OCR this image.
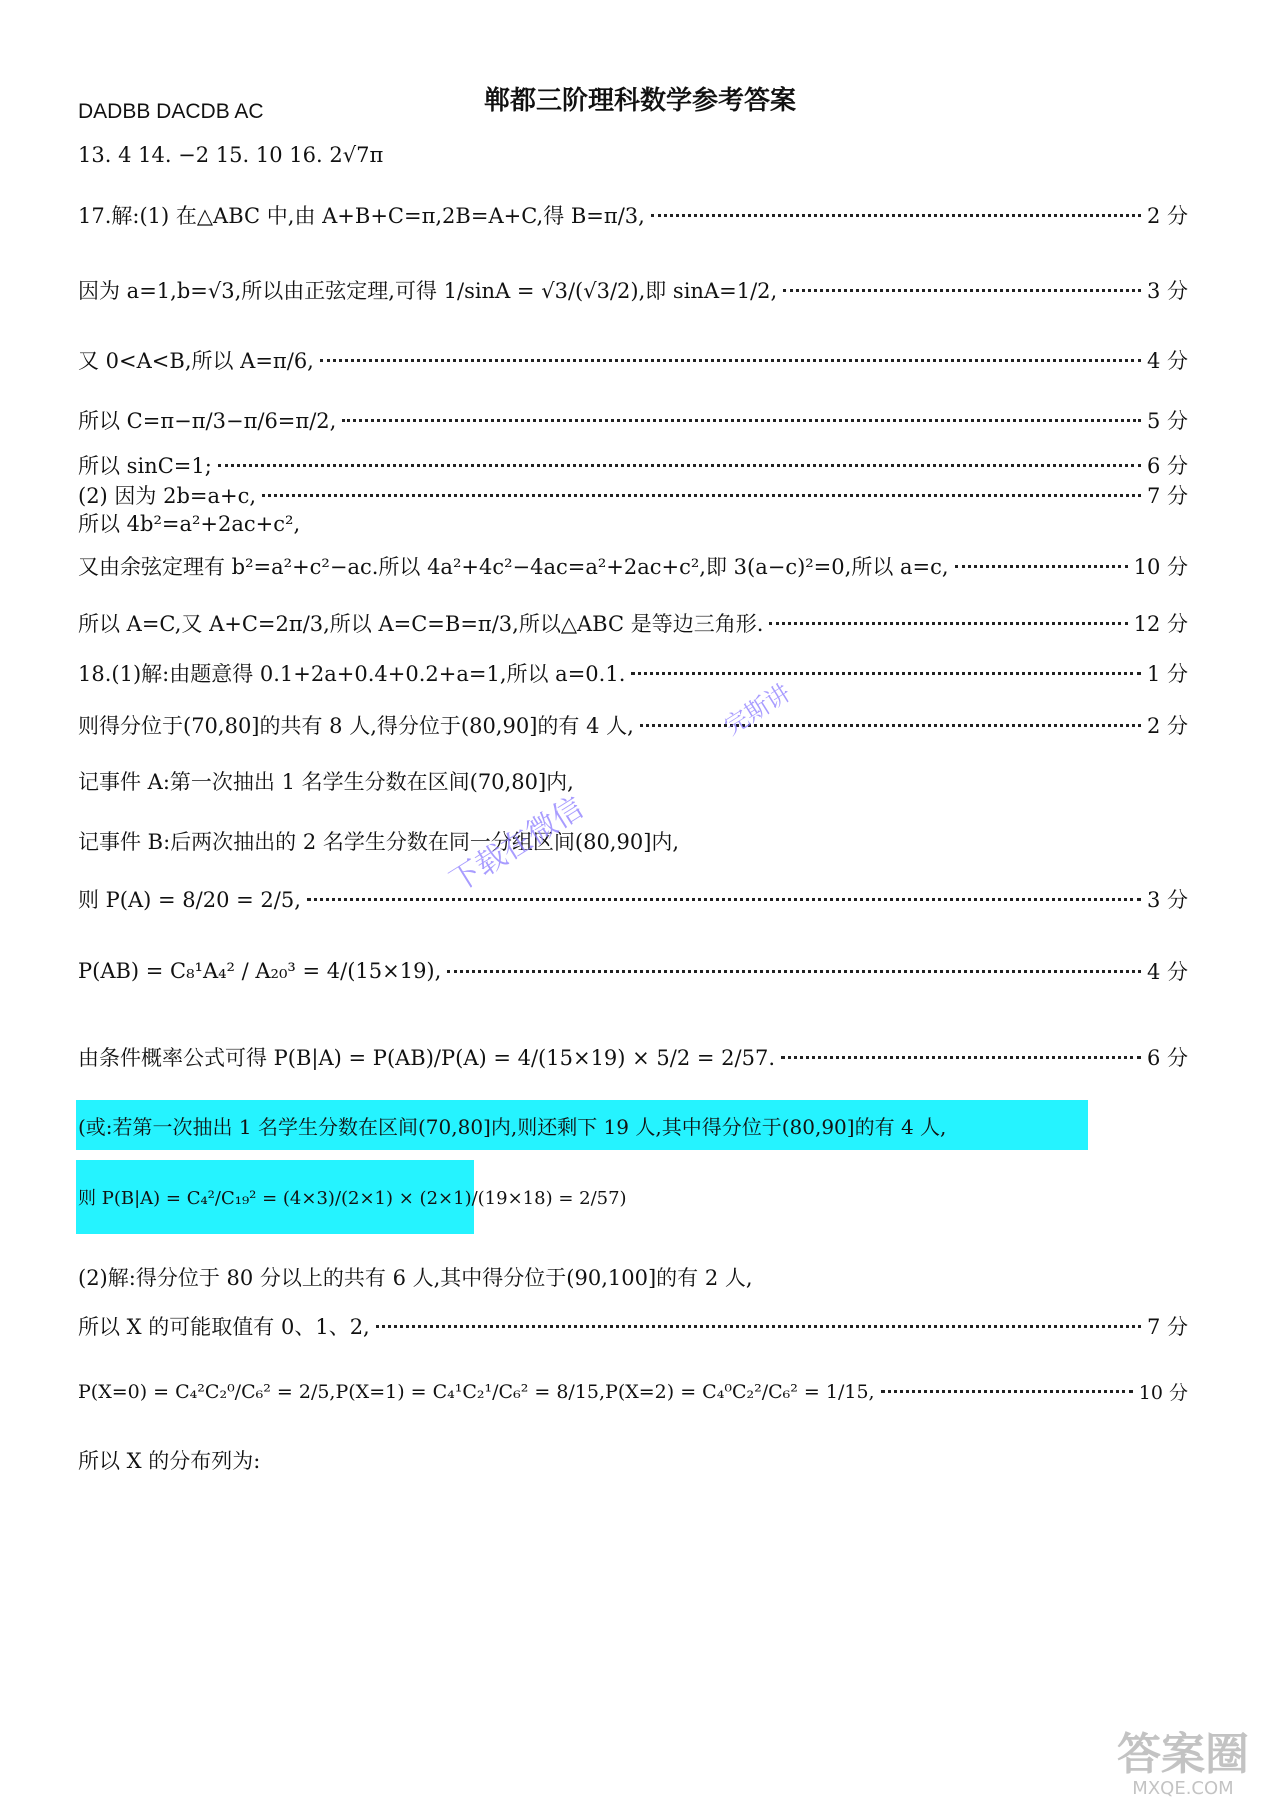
郸都三阶理科数学参考答案
DADBB DACDB AC
13. 4 14. −2 15. 10 16. 2√7π
17.解:(1) 在△ABC 中,由 A+B+C=π,2B=A+C,得 B=π/3,	2 分
因为 a=1,b=√3,所以由正弦定理,可得 1/sinA = √3/(√3/2),即 sinA=1/2,	3 分
又 0<A<B,所以 A=π/6,	4 分
所以 C=π−π/3−π/6=π/2,	5 分
所以 sinC=1;	6 分
(2) 因为 2b=a+c,	7 分
所以 4b²=a²+2ac+c²,
又由余弦定理有 b²=a²+c²−ac.所以 4a²+4c²−4ac=a²+2ac+c²,即 3(a−c)²=0,所以 a=c,	10 分
所以 A=C,又 A+C=2π/3,所以 A=C=B=π/3,所以△ABC 是等边三角形.	12 分
18.(1)解:由题意得 0.1+2a+0.4+0.2+a=1,所以 a=0.1.	1 分
则得分位于(70,80]的共有 8 人,得分位于(80,90]的有 4 人,	2 分
记事件 A:第一次抽出 1 名学生分数在区间(70,80]内,
记事件 B:后两次抽出的 2 名学生分数在同一分组区间(80,90]内,
则 P(A) = 8/20 = 2/5,	3 分
P(AB) = C₈¹A₄² / A₂₀³ = 4/(15×19),	4 分
由条件概率公式可得 P(B|A) = P(AB)/P(A) = 4/(15×19) × 5/2 = 2/57.	6 分
(或:若第一次抽出 1 名学生分数在区间(70,80]内,则还剩下 19 人,其中得分位于(80,90]的有 4 人,
则 P(B|A) = C₄²/C₁₉² = (4×3)/(2×1) × (2×1)/(19×18) = 2/57)
(2)解:得分位于 80 分以上的共有 6 人,其中得分位于(90,100]的有 2 人,
所以 X 的可能取值有 0、1、2,	7 分
P(X=0) = C₄²C₂⁰/C₆² = 2/5,P(X=1) = C₄¹C₂¹/C₆² = 8/15,P(X=2) = C₄⁰C₂²/C₆² = 1/15,	10 分
所以 X 的分布列为:
下载在微信
完斯讲
答案圈
MXQE.COM
